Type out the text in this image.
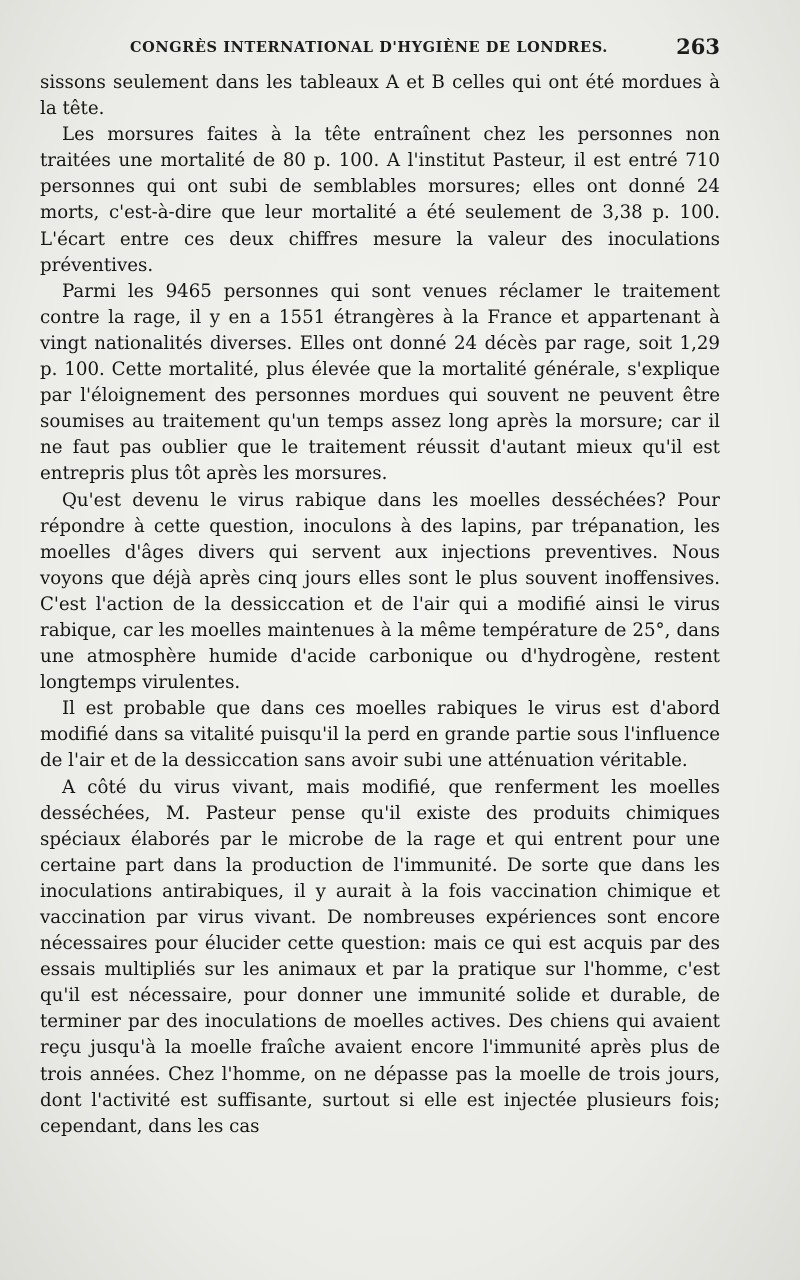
CONGRÈS INTERNATIONAL D'HYGIÈNE DE LONDRES.	263

sissons seulement dans les tableaux A et B celles qui ont été mordues à la tête.

Les morsures faites à la tête entraînent chez les personnes non traitées une mortalité de 80 p. 100. A l'institut Pasteur, il est entré 710 personnes qui ont subi de semblables morsures; elles ont donné 24 morts, c'est-à-dire que leur mortalité a été seulement de 3,38 p. 100. L'écart entre ces deux chiffres mesure la valeur des inoculations préventives.

Parmi les 9465 personnes qui sont venues réclamer le traitement contre la rage, il y en a 1551 étrangères à la France et appartenant à vingt nationalités diverses. Elles ont donné 24 décès par rage, soit 1,29 p. 100. Cette mortalité, plus élevée que la mortalité générale, s'explique par l'éloignement des personnes mordues qui souvent ne peuvent être soumises au traitement qu'un temps assez long après la morsure; car il ne faut pas oublier que le traitement réussit d'autant mieux qu'il est entrepris plus tôt après les morsures.

Qu'est devenu le virus rabique dans les moelles desséchées? Pour répondre à cette question, inoculons à des lapins, par trépanation, les moelles d'âges divers qui servent aux injections preventives. Nous voyons que déjà après cinq jours elles sont le plus souvent inoffensives. C'est l'action de la dessiccation et de l'air qui a modifié ainsi le virus rabique, car les moelles maintenues à la même température de 25°, dans une atmosphère humide d'acide carbonique ou d'hydrogène, restent longtemps virulentes.

Il est probable que dans ces moelles rabiques le virus est d'abord modifié dans sa vitalité puisqu'il la perd en grande partie sous l'influence de l'air et de la dessiccation sans avoir subi une atténuation véritable.

A côté du virus vivant, mais modifié, que renferment les moelles desséchées, M. Pasteur pense qu'il existe des produits chimiques spéciaux élaborés par le microbe de la rage et qui entrent pour une certaine part dans la production de l'immunité. De sorte que dans les inoculations antirabiques, il y aurait à la fois vaccination chimique et vaccination par virus vivant. De nombreuses expériences sont encore nécessaires pour élucider cette question: mais ce qui est acquis par des essais multipliés sur les animaux et par la pratique sur l'homme, c'est qu'il est nécessaire, pour donner une immunité solide et durable, de terminer par des inoculations de moelles actives. Des chiens qui avaient reçu jusqu'à la moelle fraîche avaient encore l'immunité après plus de trois années. Chez l'homme, on ne dépasse pas la moelle de trois jours, dont l'activité est suffisante, surtout si elle est injectée plusieurs fois; cependant, dans les cas
